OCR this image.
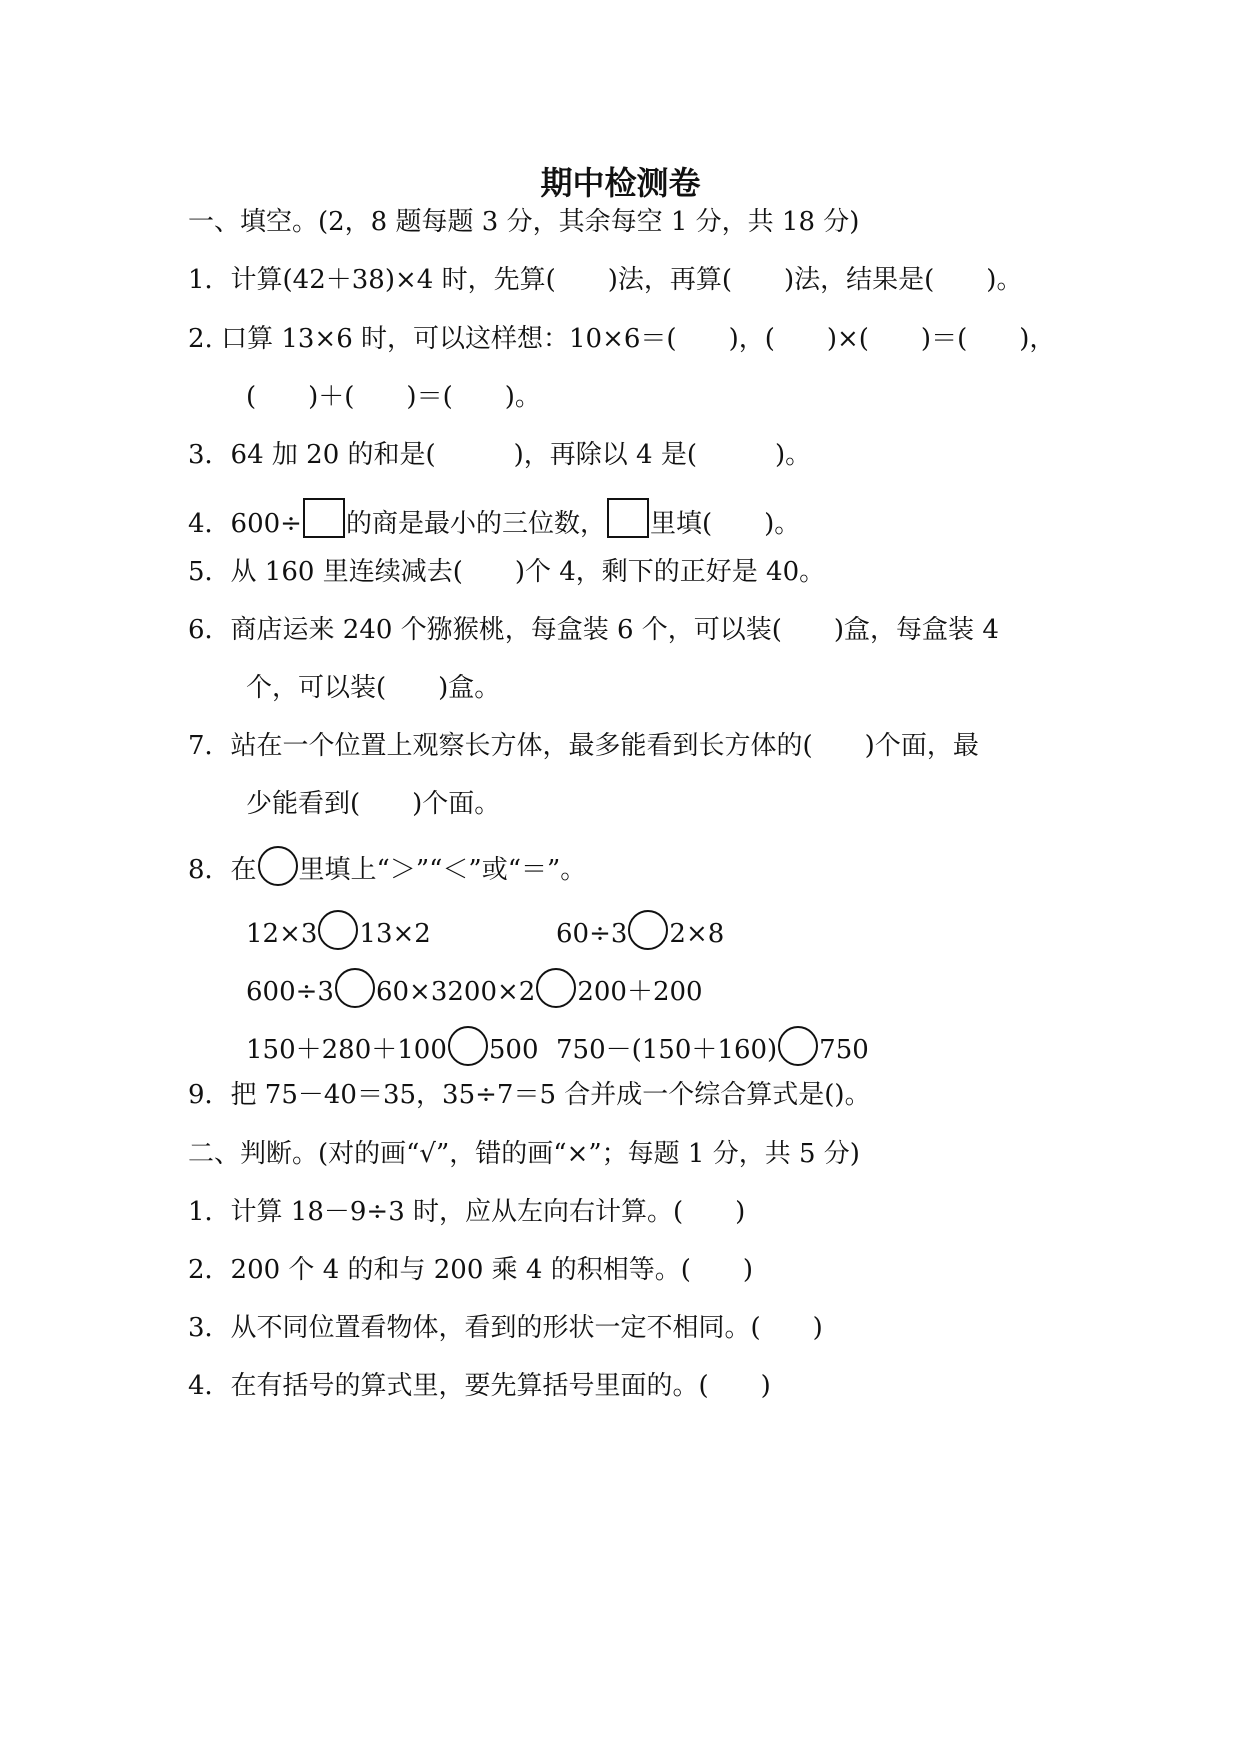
期中检测卷
一、填空。(2，8 题每题 3 分，其余每空 1 分，共 18 分)
1．计算(42＋38)×4 时，先算(　　)法，再算(　　)法，结果是(　　)。
2. 口算 13×6 时，可以这样想：10×6＝(　　)，(　　)×(　　)＝(　　)，
(　　)＋(　　)＝(　　)。
3．64 加 20 的和是(　　　)，再除以 4 是(　　　)。
4．600÷ 的商是最小的三位数， 里填(　　)。
5．从 160 里连续减去(　　)个 4，剩下的正好是 40。
6．商店运来 240 个猕猴桃，每盒装 6 个，可以装(　　)盒，每盒装 4
个，可以装(　　)盒。
7．站在一个位置上观察长方体，最多能看到长方体的(　　)个面，最
少能看到(　　)个面。
8．在 里填上“＞”“＜”或“＝”。
12×3 13×2	60÷3 2×8
600÷3 60×3200×2 200＋200
150＋280＋100 500 750－(150＋160) 750
9．把 75－40＝35，35÷7＝5 合并成一个综合算式是()。
二、判断。(对的画“√”，错的画“×”；每题 1 分，共 5 分)
1．计算 18－9÷3 时，应从左向右计算。(　　)
2．200 个 4 的和与 200 乘 4 的积相等。(　　)
3．从不同位置看物体，看到的形状一定不相同。(　　)
4．在有括号的算式里，要先算括号里面的。(　　)
